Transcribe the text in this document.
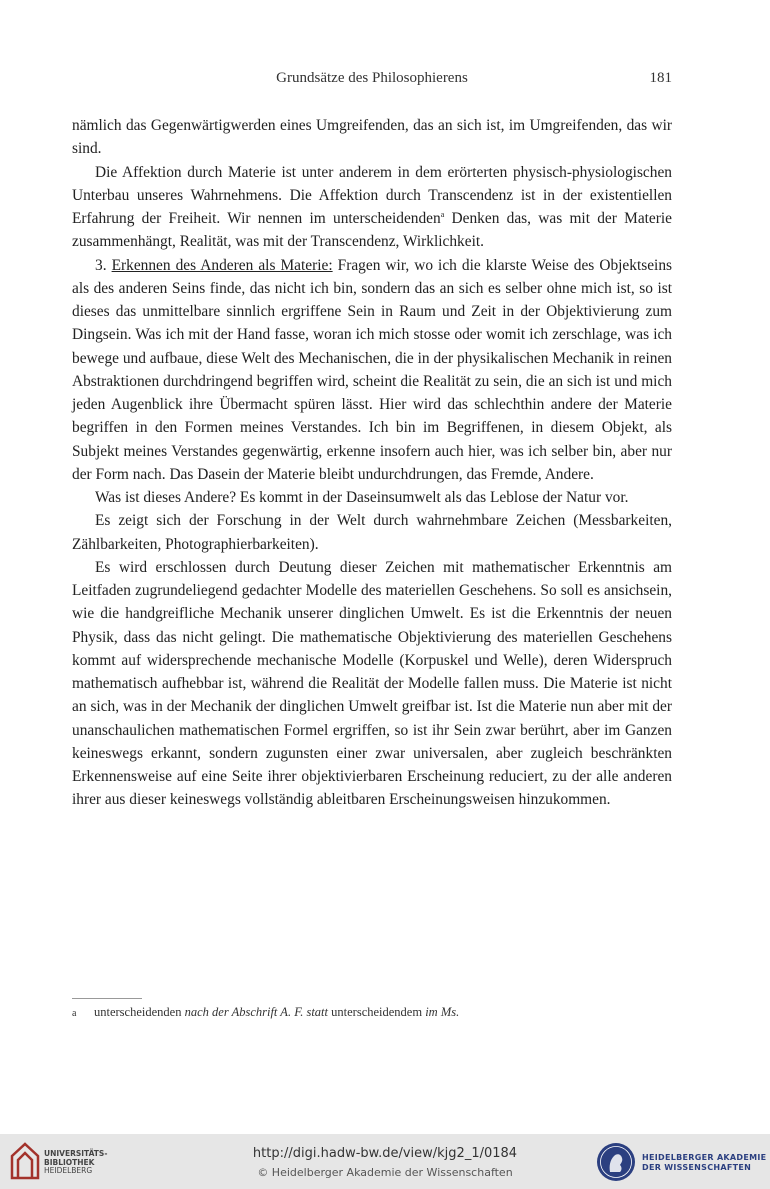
Grundsätze des Philosophierens	181

nämlich das Gegenwärtigwerden eines Umgreifenden, das an sich ist, im Umgreifenden, das wir sind.

Die Affektion durch Materie ist unter anderem in dem erörterten physisch-physiologischen Unterbau unseres Wahrnehmens. Die Affektion durch Transcendenz ist in der existentiellen Erfahrung der Freiheit. Wir nennen im unterscheidenden$^a$ Denken das, was mit der Materie zusammenhängt, Realität, was mit der Transcendenz, Wirklichkeit.

3. Erkennen des Anderen als Materie: Fragen wir, wo ich die klarste Weise des Objektseins als des anderen Seins finde, das nicht ich bin, sondern das an sich es selber ohne mich ist, so ist dieses das unmittelbare sinnlich ergriffene Sein in Raum und Zeit in der Objektivierung zum Dingsein. Was ich mit der Hand fasse, woran ich mich stosse oder womit ich zerschlage, was ich bewege und aufbaue, diese Welt des Mechanischen, die in der physikalischen Mechanik in reinen Abstraktionen durchdringend begriffen wird, scheint die Realität zu sein, die an sich ist und mich jeden Augenblick ihre Übermacht spüren lässt. Hier wird das schlechthin andere der Materie begriffen in den Formen meines Verstandes. Ich bin im Begriffenen, in diesem Objekt, als Subjekt meines Verstandes gegenwärtig, erkenne insofern auch hier, was ich selber bin, aber nur der Form nach. Das Dasein der Materie bleibt undurchdrungen, das Fremde, Andere.

Was ist dieses Andere? Es kommt in der Daseinsumwelt als das Leblose der Natur vor.

Es zeigt sich der Forschung in der Welt durch wahrnehmbare Zeichen (Messbarkeiten, Zählbarkeiten, Photographierbarkeiten).

Es wird erschlossen durch Deutung dieser Zeichen mit mathematischer Erkenntnis am Leitfaden zugrundeliegend gedachter Modelle des materiellen Geschehens. So soll es ansichsein, wie die handgreifliche Mechanik unserer dinglichen Umwelt. Es ist die Erkenntnis der neuen Physik, dass das nicht gelingt. Die mathematische Objektivierung des materiellen Geschehens kommt auf widersprechende mechanische Modelle (Korpuskel und Welle), deren Widerspruch mathematisch aufhebbar ist, während die Realität der Modelle fallen muss. Die Materie ist nicht an sich, was in der Mechanik der dinglichen Umwelt greifbar ist. Ist die Materie nun aber mit der unanschaulichen mathematischen Formel ergriffen, so ist ihr Sein zwar berührt, aber im Ganzen keineswegs erkannt, sondern zugunsten einer zwar universalen, aber zugleich beschränkten Erkennensweise auf eine Seite ihrer objektivierbaren Erscheinung reduciert, zu der alle anderen ihrer aus dieser keineswegs vollständig ableitbaren Erscheinungsweisen hinzukommen.

a unterscheidenden nach der Abschrift A. F. statt unterscheidendem im Ms.
UNIVERSITÄTS-
BIBLIOTHEK
HEIDELBERG
http://digi.hadw-bw.de/view/kjg2_1/0184
© Heidelberger Akademie der Wissenschaften
HEIDELBERGER AKADEMIE
DER WISSENSCHAFTEN
